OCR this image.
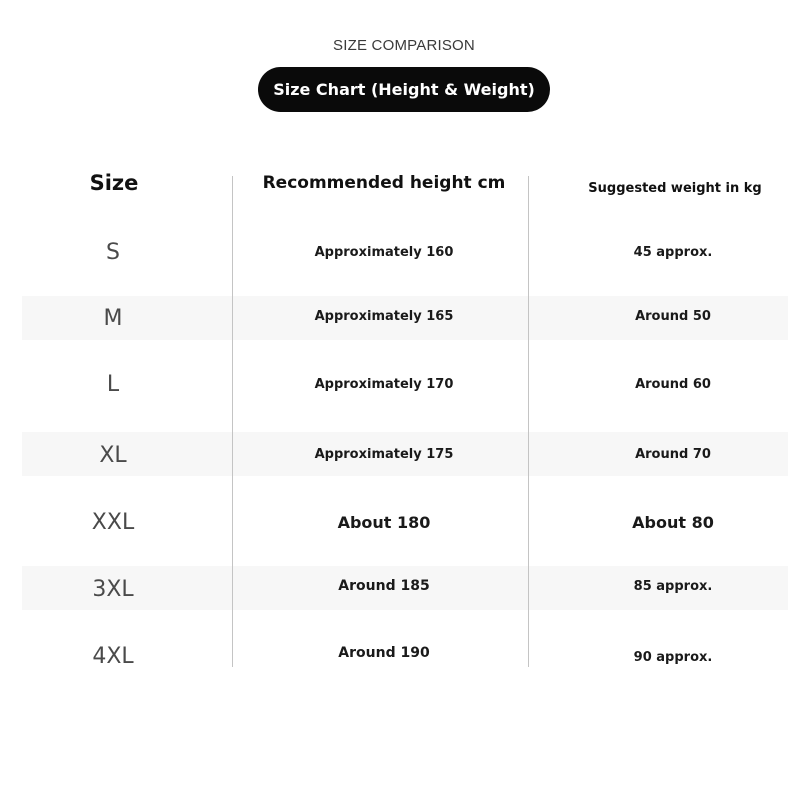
SIZE COMPARISON
Size Chart (Height & Weight)
Size	Recommended height cm	Suggested weight in kg
S	Approximately 160	45 approx.
M	Approximately 165	Around 50
L	Approximately 170	Around 60
XL	Approximately 175	Around 70
XXL	About 180	About 80
3XL	Around 185	85 approx.
4XL	Around 190	90 approx.
